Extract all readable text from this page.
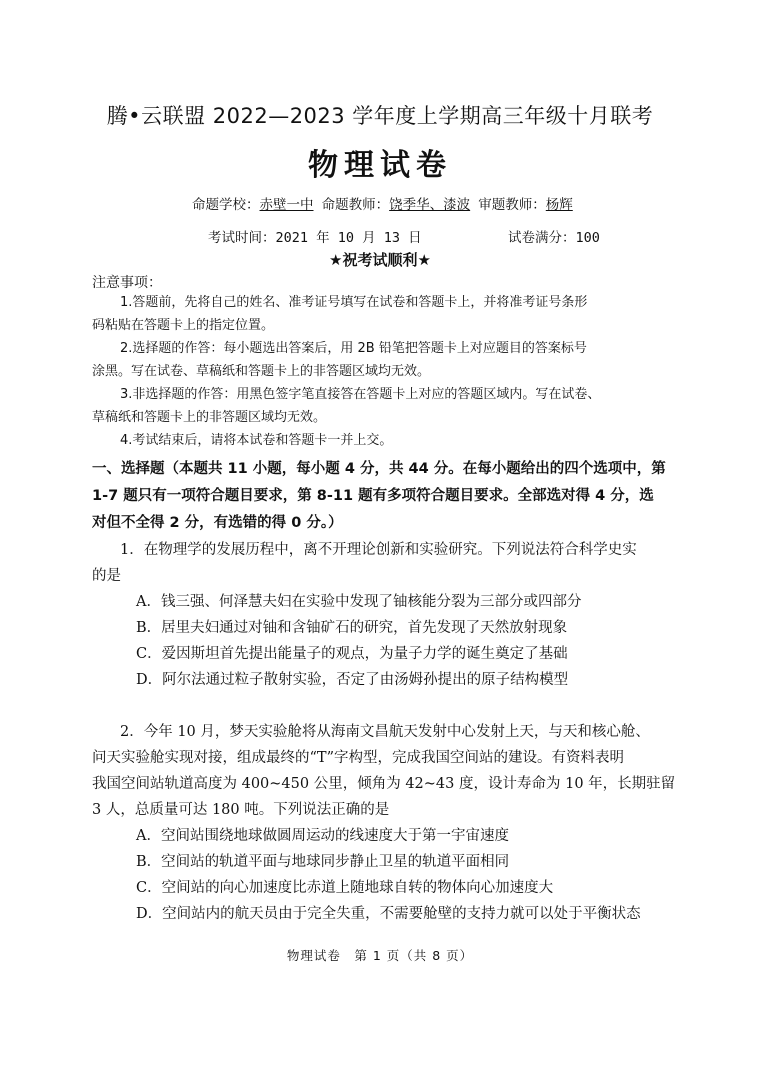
腾•云联盟 2022—2023 学年度上学期高三年级十月联考
物理试卷
命题学校：赤壁一中 命题教师：饶季华、漆波 审题教师：杨辉
考试时间：2021 年 10 月 13 日	试卷满分：100
★祝考试顺利★
注意事项：
1.答题前，先将自己的姓名、准考证号填写在试卷和答题卡上，并将准考证号条形
码粘贴在答题卡上的指定位置。
2.选择题的作答：每小题选出答案后，用 2B 铅笔把答题卡上对应题目的答案标号
涂黑。写在试卷、草稿纸和答题卡上的非答题区域均无效。
3.非选择题的作答：用黑色签字笔直接答在答题卡上对应的答题区域内。写在试卷、
草稿纸和答题卡上的非答题区域均无效。
4.考试结束后，请将本试卷和答题卡一并上交。
一、选择题（本题共 11 小题，每小题 4 分，共 44 分。在每小题给出的四个选项中，第
1-7 题只有一项符合题目要求，第 8-11 题有多项符合题目要求。全部选对得 4 分，选
对但不全得 2 分，有选错的得 0 分。）
1．在物理学的发展历程中，离不开理论创新和实验研究。下列说法符合科学史实
的是
A．钱三强、何泽慧夫妇在实验中发现了铀核能分裂为三部分或四部分
B．居里夫妇通过对铀和含铀矿石的研究，首先发现了天然放射现象
C．爱因斯坦首先提出能量子的观点，为量子力学的诞生奠定了基础
D．阿尔法通过粒子散射实验，否定了由汤姆孙提出的原子结构模型
2．今年 10 月，梦天实验舱将从海南文昌航天发射中心发射上天，与天和核心舱、
问天实验舱实现对接，组成最终的“T”字构型，完成我国空间站的建设。有资料表明
我国空间站轨道高度为 400~450 公里，倾角为 42~43 度，设计寿命为 10 年，长期驻留
3 人，总质量可达 180 吨。下列说法正确的是
A．空间站围绕地球做圆周运动的线速度大于第一宇宙速度
B．空间站的轨道平面与地球同步静止卫星的轨道平面相同
C．空间站的向心加速度比赤道上随地球自转的物体向心加速度大
D．空间站内的航天员由于完全失重，不需要舱壁的支持力就可以处于平衡状态
物理试卷　第 1 页（共 8 页）
